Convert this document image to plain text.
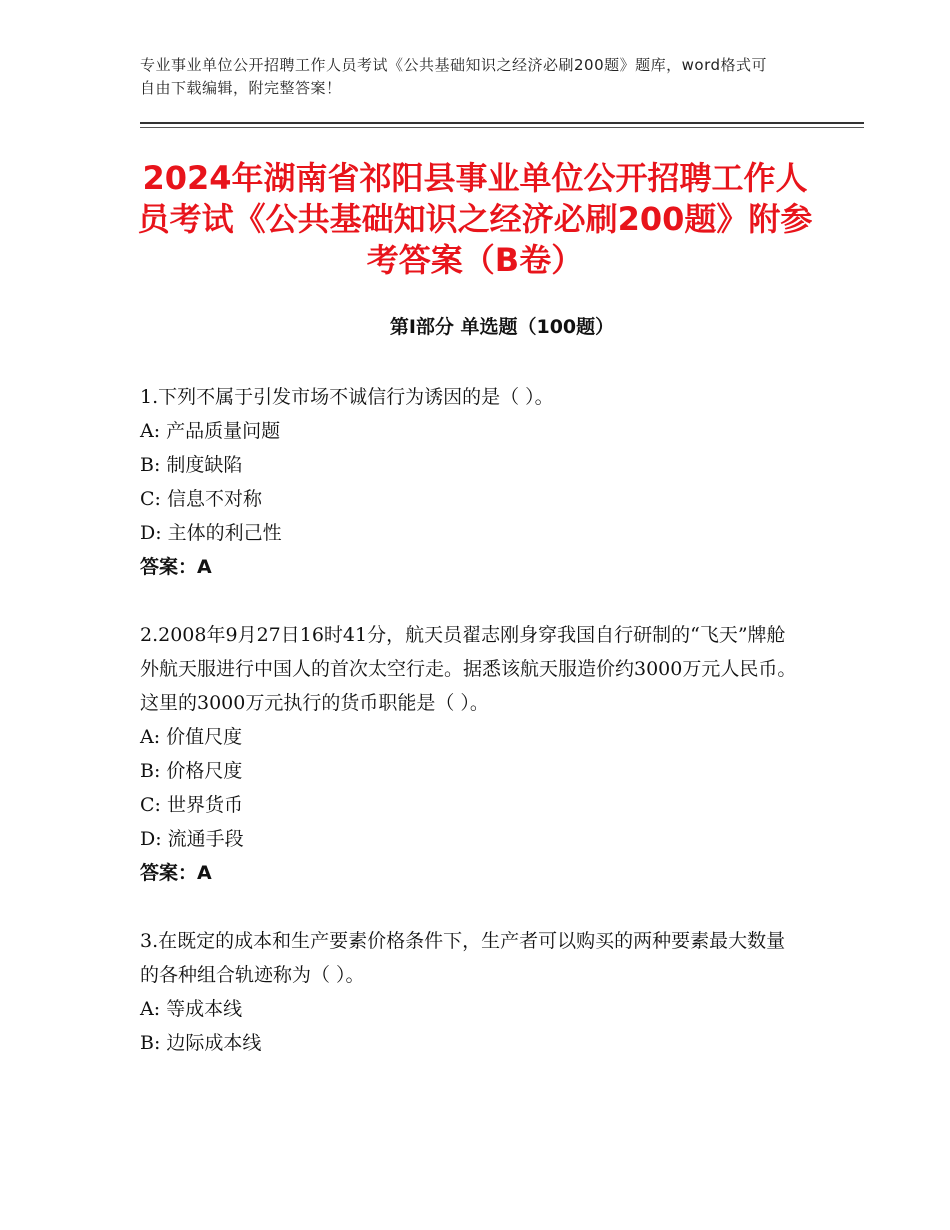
专业事业单位公开招聘工作人员考试《公共基础知识之经济必刷200题》题库，word格式可自由下载编辑，附完整答案！
2024年湖南省祁阳县事业单位公开招聘工作人员考试《公共基础知识之经济必刷200题》附参考答案（B卷）
第Ⅰ部分 单选题（100题）

1.下列不属于引发市场不诚信行为诱因的是（ ）。

A: 产品质量问题

B: 制度缺陷

C: 信息不对称

D: 主体的利己性

答案：A

2.2008年9月27日16时41分，航天员翟志刚身穿我国自行研制的“飞天”牌舱外航天服进行中国人的首次太空行走。据悉该航天服造价约3000万元人民币。这里的3000万元执行的货币职能是（ ）。

A: 价值尺度

B: 价格尺度

C: 世界货币

D: 流通手段

答案：A

3.在既定的成本和生产要素价格条件下，生产者可以购买的两种要素最大数量的各种组合轨迹称为（ ）。

A: 等成本线

B: 边际成本线
